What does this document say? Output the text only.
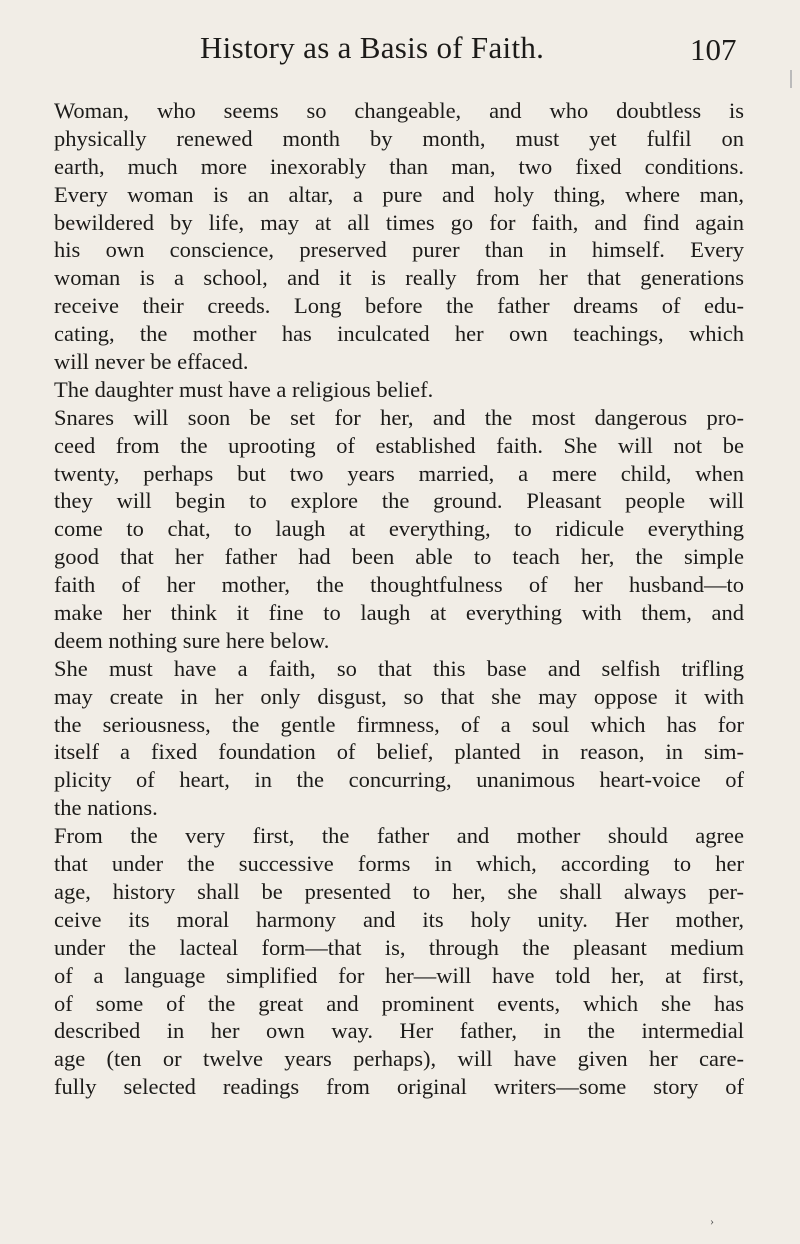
History as a Basis of Faith.	107
Woman, who seems so changeable, and who doubtless is
physically renewed month by month, must yet fulfil on
earth, much more inexorably than man, two fixed conditions.
Every woman is an altar, a pure and holy thing, where man,
bewildered by life, may at all times go for faith, and find again
his own conscience, preserved purer than in himself. Every
woman is a school, and it is really from her that generations
receive their creeds. Long before the father dreams of edu-
cating, the mother has inculcated her own teachings, which
will never be effaced.
The daughter must have a religious belief.
Snares will soon be set for her, and the most dangerous pro-
ceed from the uprooting of established faith. She will not be
twenty, perhaps but two years married, a mere child, when
they will begin to explore the ground. Pleasant people will
come to chat, to laugh at everything, to ridicule everything
good that her father had been able to teach her, the simple
faith of her mother, the thoughtfulness of her husband—to
make her think it fine to laugh at everything with them, and
deem nothing sure here below.
She must have a faith, so that this base and selfish trifling
may create in her only disgust, so that she may oppose it with
the seriousness, the gentle firmness, of a soul which has for
itself a fixed foundation of belief, planted in reason, in sim-
plicity of heart, in the concurring, unanimous heart-voice of
the nations.
From the very first, the father and mother should agree
that under the successive forms in which, according to her
age, history shall be presented to her, she shall always per-
ceive its moral harmony and its holy unity. Her mother,
under the lacteal form—that is, through the pleasant medium
of a language simplified for her—will have told her, at first,
of some of the great and prominent events, which she has
described in her own way. Her father, in the intermedial
age (ten or twelve years perhaps), will have given her care-
fully selected readings from original writers—some story of
›
